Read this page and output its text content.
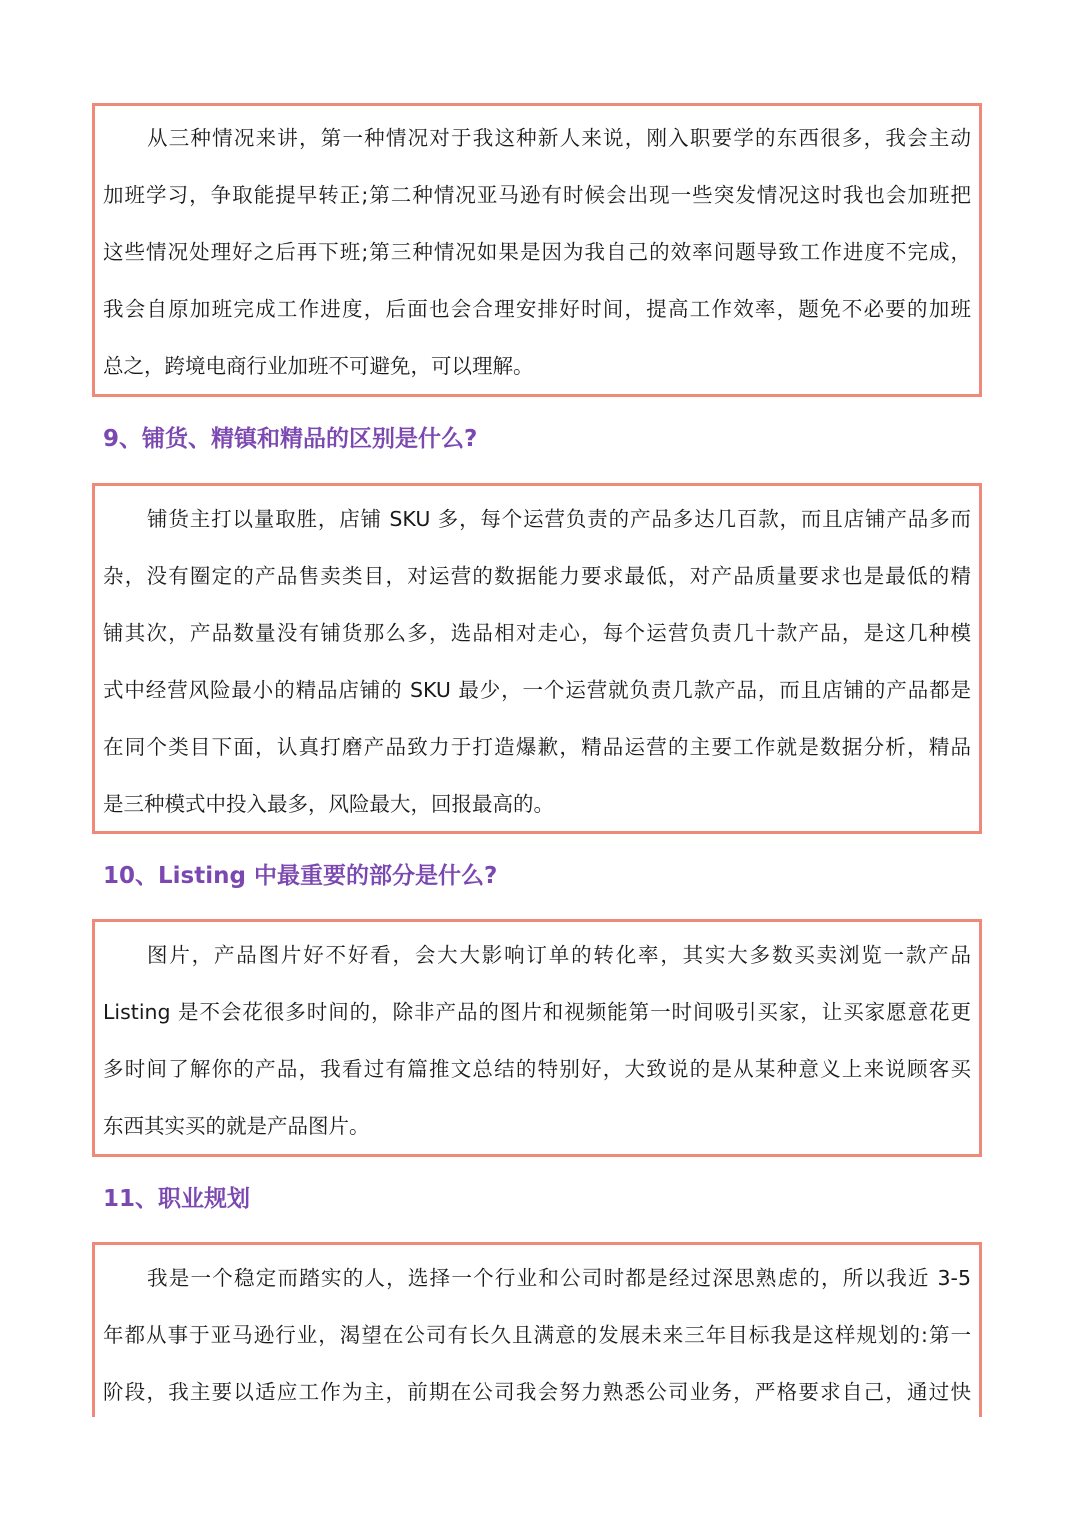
从三种情况来讲，第一种情况对于我这种新人来说，刚入职要学的东西很多，我会主动
加班学习，争取能提早转正;第二种情况亚马逊有时候会出现一些突发情况这时我也会加班把
这些情况处理好之后再下班;第三种情况如果是因为我自己的效率问题导致工作进度不完成，
我会自原加班完成工作进度，后面也会合理安排好时间，提高工作效率，题免不必要的加班
总之，跨境电商行业加班不可避免，可以理解。
9、铺货、精镇和精品的区别是什么?
铺货主打以量取胜，店铺 SKU 多，每个运营负责的产品多达几百款，而且店铺产品多而
杂，没有圈定的产品售卖类目，对运营的数据能力要求最低，对产品质量要求也是最低的精
铺其次，产品数量没有铺货那么多，选品相对走心，每个运营负责几十款产品，是这几种模
式中经营风险最小的精品店铺的 SKU 最少，一个运营就负责几款产品，而且店铺的产品都是
在同个类目下面，认真打磨产品致力于打造爆歉，精品运营的主要工作就是数据分析，精品
是三种模式中投入最多，风险最大，回报最高的。
10、Listing 中最重要的部分是什么?
图片，产品图片好不好看，会大大影响订单的转化率，其实大多数买卖浏览一款产品
Listing 是不会花很多时间的，除非产品的图片和视频能第一时间吸引买家，让买家愿意花更
多时间了解你的产品，我看过有篇推文总结的特别好，大致说的是从某种意义上来说顾客买
东西其实买的就是产品图片。
11、职业规划
我是一个稳定而踏实的人，选择一个行业和公司时都是经过深思熟虑的，所以我近 3-5
年都从事于亚马逊行业，渴望在公司有长久且满意的发展未来三年目标我是这样规划的:第一
阶段，我主要以适应工作为主，前期在公司我会努力熟悉公司业务，严格要求自己，通过快
